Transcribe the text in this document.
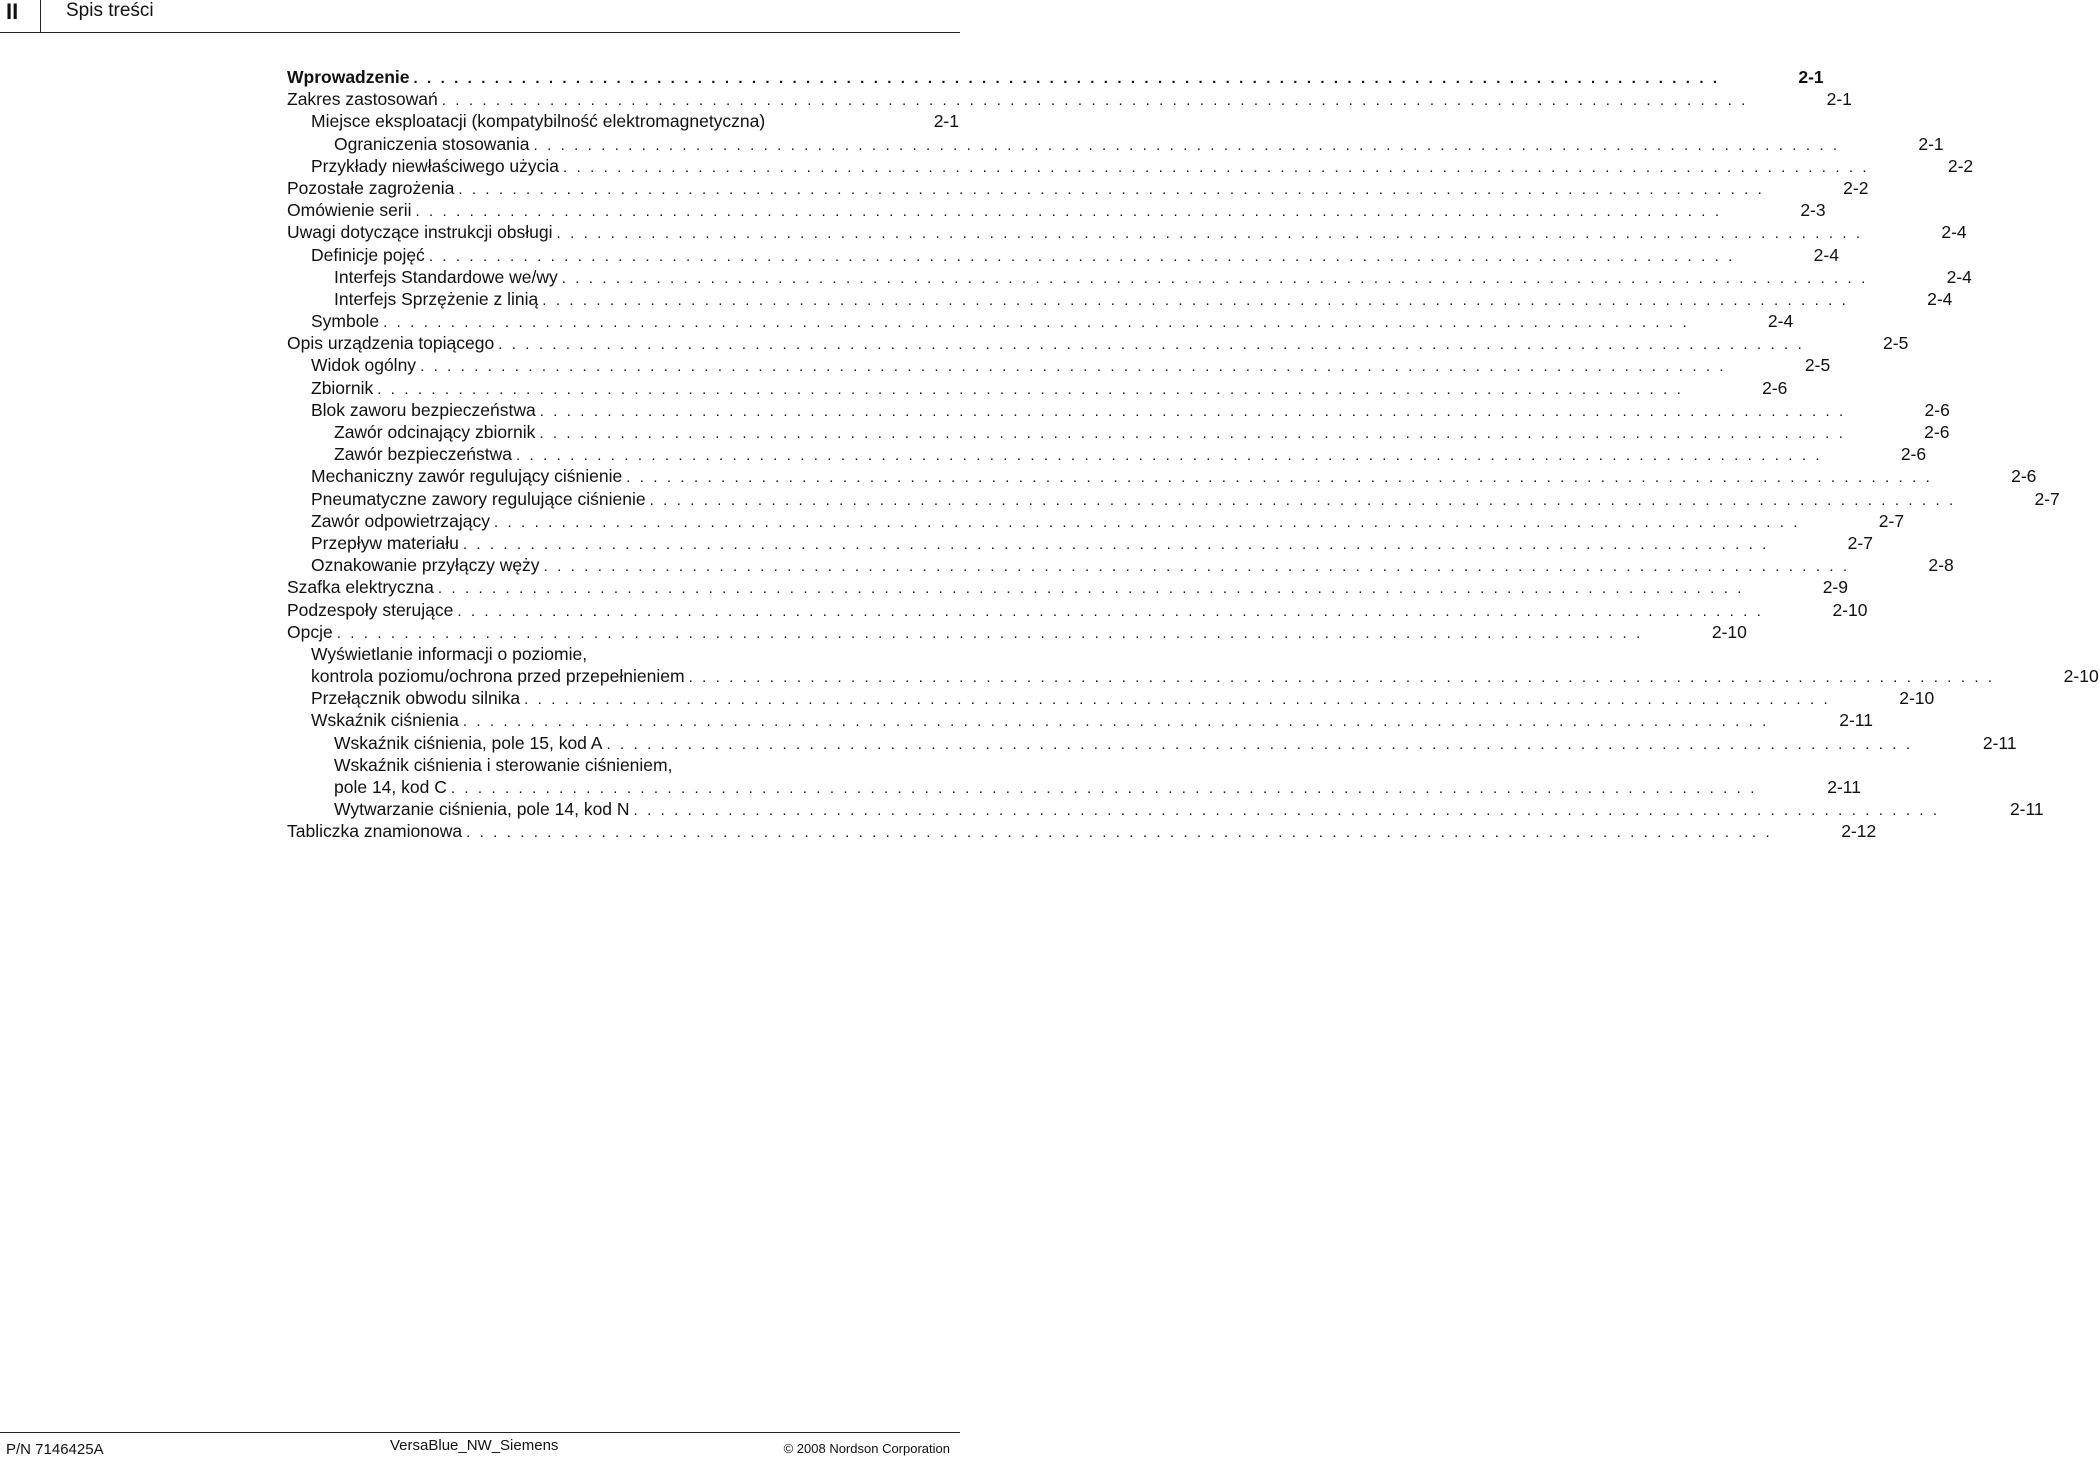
II	Spis treści
Wprowadzenie . . . . . . . . . . . . . . . . . . . . . . . . . . . . . . . . . . . . . . . . . . . . . . . . . . . . . . . . . . . . . . . . . . . . . . . . . . . . . . . . . . . . . . . . . . . . . . . . .	2-1
Zakres zastosowań . . . . . . . . . . . . . . . . . . . . . . . . . . . . . . . . . . . . . . . . . . . . . . . . . . . . . . . . . . . . . . . . . . . . . . . . . . . . . . . . . . . . . . . . . . . . . . . . .	2-1
Miejsce eksploatacji (kompatybilność elektromagnetyczna)	2-1
Ograniczenia stosowania . . . . . . . . . . . . . . . . . . . . . . . . . . . . . . . . . . . . . . . . . . . . . . . . . . . . . . . . . . . . . . . . . . . . . . . . . . . . . . . . . . . . . . . . . . . . . . . . .	2-1
Przykłady niewłaściwego użycia . . . . . . . . . . . . . . . . . . . . . . . . . . . . . . . . . . . . . . . . . . . . . . . . . . . . . . . . . . . . . . . . . . . . . . . . . . . . . . . . . . . . . . . . . . . . . . . . .	2-2
Pozostałe zagrożenia . . . . . . . . . . . . . . . . . . . . . . . . . . . . . . . . . . . . . . . . . . . . . . . . . . . . . . . . . . . . . . . . . . . . . . . . . . . . . . . . . . . . . . . . . . . . . . . . .	2-2
Omówienie serii . . . . . . . . . . . . . . . . . . . . . . . . . . . . . . . . . . . . . . . . . . . . . . . . . . . . . . . . . . . . . . . . . . . . . . . . . . . . . . . . . . . . . . . . . . . . . . . . .	2-3
Uwagi dotyczące instrukcji obsługi . . . . . . . . . . . . . . . . . . . . . . . . . . . . . . . . . . . . . . . . . . . . . . . . . . . . . . . . . . . . . . . . . . . . . . . . . . . . . . . . . . . . . . . . . . . . . . . . .	2-4
Definicje pojęć . . . . . . . . . . . . . . . . . . . . . . . . . . . . . . . . . . . . . . . . . . . . . . . . . . . . . . . . . . . . . . . . . . . . . . . . . . . . . . . . . . . . . . . . . . . . . . . . .	2-4
Interfejs Standardowe we/wy . . . . . . . . . . . . . . . . . . . . . . . . . . . . . . . . . . . . . . . . . . . . . . . . . . . . . . . . . . . . . . . . . . . . . . . . . . . . . . . . . . . . . . . . . . . . . . . . .	2-4
Interfejs Sprzężenie z linią . . . . . . . . . . . . . . . . . . . . . . . . . . . . . . . . . . . . . . . . . . . . . . . . . . . . . . . . . . . . . . . . . . . . . . . . . . . . . . . . . . . . . . . . . . . . . . . . .	2-4
Symbole . . . . . . . . . . . . . . . . . . . . . . . . . . . . . . . . . . . . . . . . . . . . . . . . . . . . . . . . . . . . . . . . . . . . . . . . . . . . . . . . . . . . . . . . . . . . . . . . .	2-4
Opis urządzenia topiącego . . . . . . . . . . . . . . . . . . . . . . . . . . . . . . . . . . . . . . . . . . . . . . . . . . . . . . . . . . . . . . . . . . . . . . . . . . . . . . . . . . . . . . . . . . . . . . . . .	2-5
Widok ogólny . . . . . . . . . . . . . . . . . . . . . . . . . . . . . . . . . . . . . . . . . . . . . . . . . . . . . . . . . . . . . . . . . . . . . . . . . . . . . . . . . . . . . . . . . . . . . . . . .	2-5
Zbiornik . . . . . . . . . . . . . . . . . . . . . . . . . . . . . . . . . . . . . . . . . . . . . . . . . . . . . . . . . . . . . . . . . . . . . . . . . . . . . . . . . . . . . . . . . . . . . . . . .	2-6
Blok zaworu bezpieczeństwa . . . . . . . . . . . . . . . . . . . . . . . . . . . . . . . . . . . . . . . . . . . . . . . . . . . . . . . . . . . . . . . . . . . . . . . . . . . . . . . . . . . . . . . . . . . . . . . . .	2-6
Zawór odcinający zbiornik . . . . . . . . . . . . . . . . . . . . . . . . . . . . . . . . . . . . . . . . . . . . . . . . . . . . . . . . . . . . . . . . . . . . . . . . . . . . . . . . . . . . . . . . . . . . . . . . .	2-6
Zawór bezpieczeństwa . . . . . . . . . . . . . . . . . . . . . . . . . . . . . . . . . . . . . . . . . . . . . . . . . . . . . . . . . . . . . . . . . . . . . . . . . . . . . . . . . . . . . . . . . . . . . . . . .	2-6
Mechaniczny zawór regulujący ciśnienie . . . . . . . . . . . . . . . . . . . . . . . . . . . . . . . . . . . . . . . . . . . . . . . . . . . . . . . . . . . . . . . . . . . . . . . . . . . . . . . . . . . . . . . . . . . . . . . . .	2-6
Pneumatyczne zawory regulujące ciśnienie . . . . . . . . . . . . . . . . . . . . . . . . . . . . . . . . . . . . . . . . . . . . . . . . . . . . . . . . . . . . . . . . . . . . . . . . . . . . . . . . . . . . . . . . . . . . . . . . .	2-7
Zawór odpowietrzający . . . . . . . . . . . . . . . . . . . . . . . . . . . . . . . . . . . . . . . . . . . . . . . . . . . . . . . . . . . . . . . . . . . . . . . . . . . . . . . . . . . . . . . . . . . . . . . . .	2-7
Przepływ materiału . . . . . . . . . . . . . . . . . . . . . . . . . . . . . . . . . . . . . . . . . . . . . . . . . . . . . . . . . . . . . . . . . . . . . . . . . . . . . . . . . . . . . . . . . . . . . . . . .	2-7
Oznakowanie przyłączy węży . . . . . . . . . . . . . . . . . . . . . . . . . . . . . . . . . . . . . . . . . . . . . . . . . . . . . . . . . . . . . . . . . . . . . . . . . . . . . . . . . . . . . . . . . . . . . . . . .	2-8
Szafka elektryczna . . . . . . . . . . . . . . . . . . . . . . . . . . . . . . . . . . . . . . . . . . . . . . . . . . . . . . . . . . . . . . . . . . . . . . . . . . . . . . . . . . . . . . . . . . . . . . . . .	2-9
Podzespoły sterujące . . . . . . . . . . . . . . . . . . . . . . . . . . . . . . . . . . . . . . . . . . . . . . . . . . . . . . . . . . . . . . . . . . . . . . . . . . . . . . . . . . . . . . . . . . . . . . . . .	2-10
Opcje . . . . . . . . . . . . . . . . . . . . . . . . . . . . . . . . . . . . . . . . . . . . . . . . . . . . . . . . . . . . . . . . . . . . . . . . . . . . . . . . . . . . . . . . . . . . . . . . .	2-10
Wyświetlanie informacji o poziomie,
kontrola poziomu/ochrona przed przepełnieniem . . . . . . . . . . . . . . . . . . . . . . . . . . . . . . . . . . . . . . . . . . . . . . . . . . . . . . . . . . . . . . . . . . . . . . . . . . . . . . . . . . . . . . . . . . . . . . . . .	2-10
Przełącznik obwodu silnika . . . . . . . . . . . . . . . . . . . . . . . . . . . . . . . . . . . . . . . . . . . . . . . . . . . . . . . . . . . . . . . . . . . . . . . . . . . . . . . . . . . . . . . . . . . . . . . . .	2-10
Wskaźnik ciśnienia . . . . . . . . . . . . . . . . . . . . . . . . . . . . . . . . . . . . . . . . . . . . . . . . . . . . . . . . . . . . . . . . . . . . . . . . . . . . . . . . . . . . . . . . . . . . . . . . .	2-11
Wskaźnik ciśnienia, pole 15, kod A . . . . . . . . . . . . . . . . . . . . . . . . . . . . . . . . . . . . . . . . . . . . . . . . . . . . . . . . . . . . . . . . . . . . . . . . . . . . . . . . . . . . . . . . . . . . . . . . .	2-11
Wskaźnik ciśnienia i sterowanie ciśnieniem,
pole 14, kod C . . . . . . . . . . . . . . . . . . . . . . . . . . . . . . . . . . . . . . . . . . . . . . . . . . . . . . . . . . . . . . . . . . . . . . . . . . . . . . . . . . . . . . . . . . . . . . . . .	2-11
Wytwarzanie ciśnienia, pole 14, kod N . . . . . . . . . . . . . . . . . . . . . . . . . . . . . . . . . . . . . . . . . . . . . . . . . . . . . . . . . . . . . . . . . . . . . . . . . . . . . . . . . . . . . . . . . . . . . . . . .	2-11
Tabliczka znamionowa . . . . . . . . . . . . . . . . . . . . . . . . . . . . . . . . . . . . . . . . . . . . . . . . . . . . . . . . . . . . . . . . . . . . . . . . . . . . . . . . . . . . . . . . . . . . . . . . .	2-12
P/N 7146425A	VersaBlue_NW_Siemens	© 2008 Nordson Corporation
